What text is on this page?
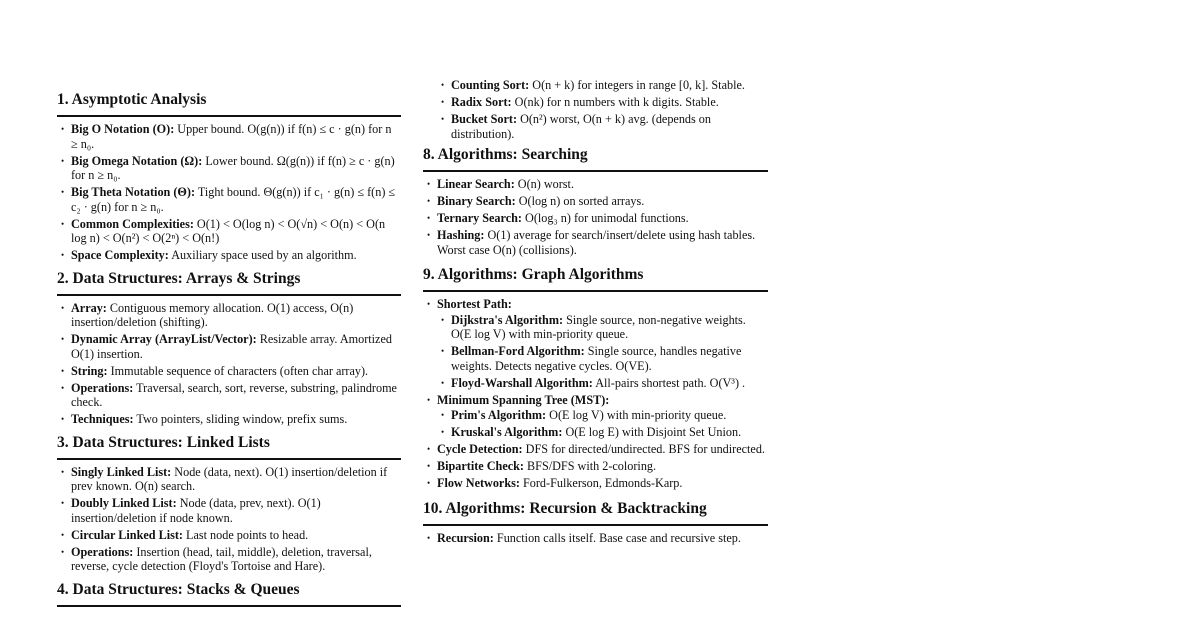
1. Asymptotic Analysis
• Big O Notation (O): Upper bound. O(g(n)) if f(n) ≤ c · g(n) for n ≥ n₀.
• Big Omega Notation (Ω): Lower bound. Ω(g(n)) if f(n) ≥ c · g(n) for n ≥ n₀.
• Big Theta Notation (Θ): Tight bound. Θ(g(n)) if c₁ · g(n) ≤ f(n) ≤ c₂ · g(n) for n ≥ n₀.
• Common Complexities: O(1) < O(log n) < O(√n) < O(n) < O(n log n) < O(n²) < O(2ⁿ) < O(n!)
• Space Complexity: Auxiliary space used by an algorithm.
2. Data Structures: Arrays & Strings
• Array: Contiguous memory allocation. O(1) access, O(n) insertion/deletion (shifting).
• Dynamic Array (ArrayList/Vector): Resizable array. Amortized O(1) insertion.
• String: Immutable sequence of characters (often char array).
• Operations: Traversal, search, sort, reverse, substring, palindrome check.
• Techniques: Two pointers, sliding window, prefix sums.
3. Data Structures: Linked Lists
• Singly Linked List: Node (data, next). O(1) insertion/deletion if prev known. O(n) search.
• Doubly Linked List: Node (data, prev, next). O(1) insertion/deletion if node known.
• Circular Linked List: Last node points to head.
• Operations: Insertion (head, tail, middle), deletion, traversal, reverse, cycle detection (Floyd's Tortoise and Hare).
4. Data Structures: Stacks & Queues
• Counting Sort: O(n + k) for integers in range [0, k]. Stable.
• Radix Sort: O(nk) for n numbers with k digits. Stable.
• Bucket Sort: O(n²) worst, O(n + k) avg. (depends on distribution).
8. Algorithms: Searching
• Linear Search: O(n) worst.
• Binary Search: O(log n) on sorted arrays.
• Ternary Search: O(log₃ n) for unimodal functions.
• Hashing: O(1) average for search/insert/delete using hash tables. Worst case O(n) (collisions).
9. Algorithms: Graph Algorithms
• Shortest Path:
• Dijkstra's Algorithm: Single source, non-negative weights. O(E log V) with min-priority queue.
• Bellman-Ford Algorithm: Single source, handles negative weights. Detects negative cycles. O(VE).
• Floyd-Warshall Algorithm: All-pairs shortest path. O(V³) .
• Minimum Spanning Tree (MST):
• Prim's Algorithm: O(E log V) with min-priority queue.
• Kruskal's Algorithm: O(E log E) with Disjoint Set Union.
• Cycle Detection: DFS for directed/undirected. BFS for undirected.
• Bipartite Check: BFS/DFS with 2-coloring.
• Flow Networks: Ford-Fulkerson, Edmonds-Karp.
10. Algorithms: Recursion & Backtracking
• Recursion: Function calls itself. Base case and recursive step.
